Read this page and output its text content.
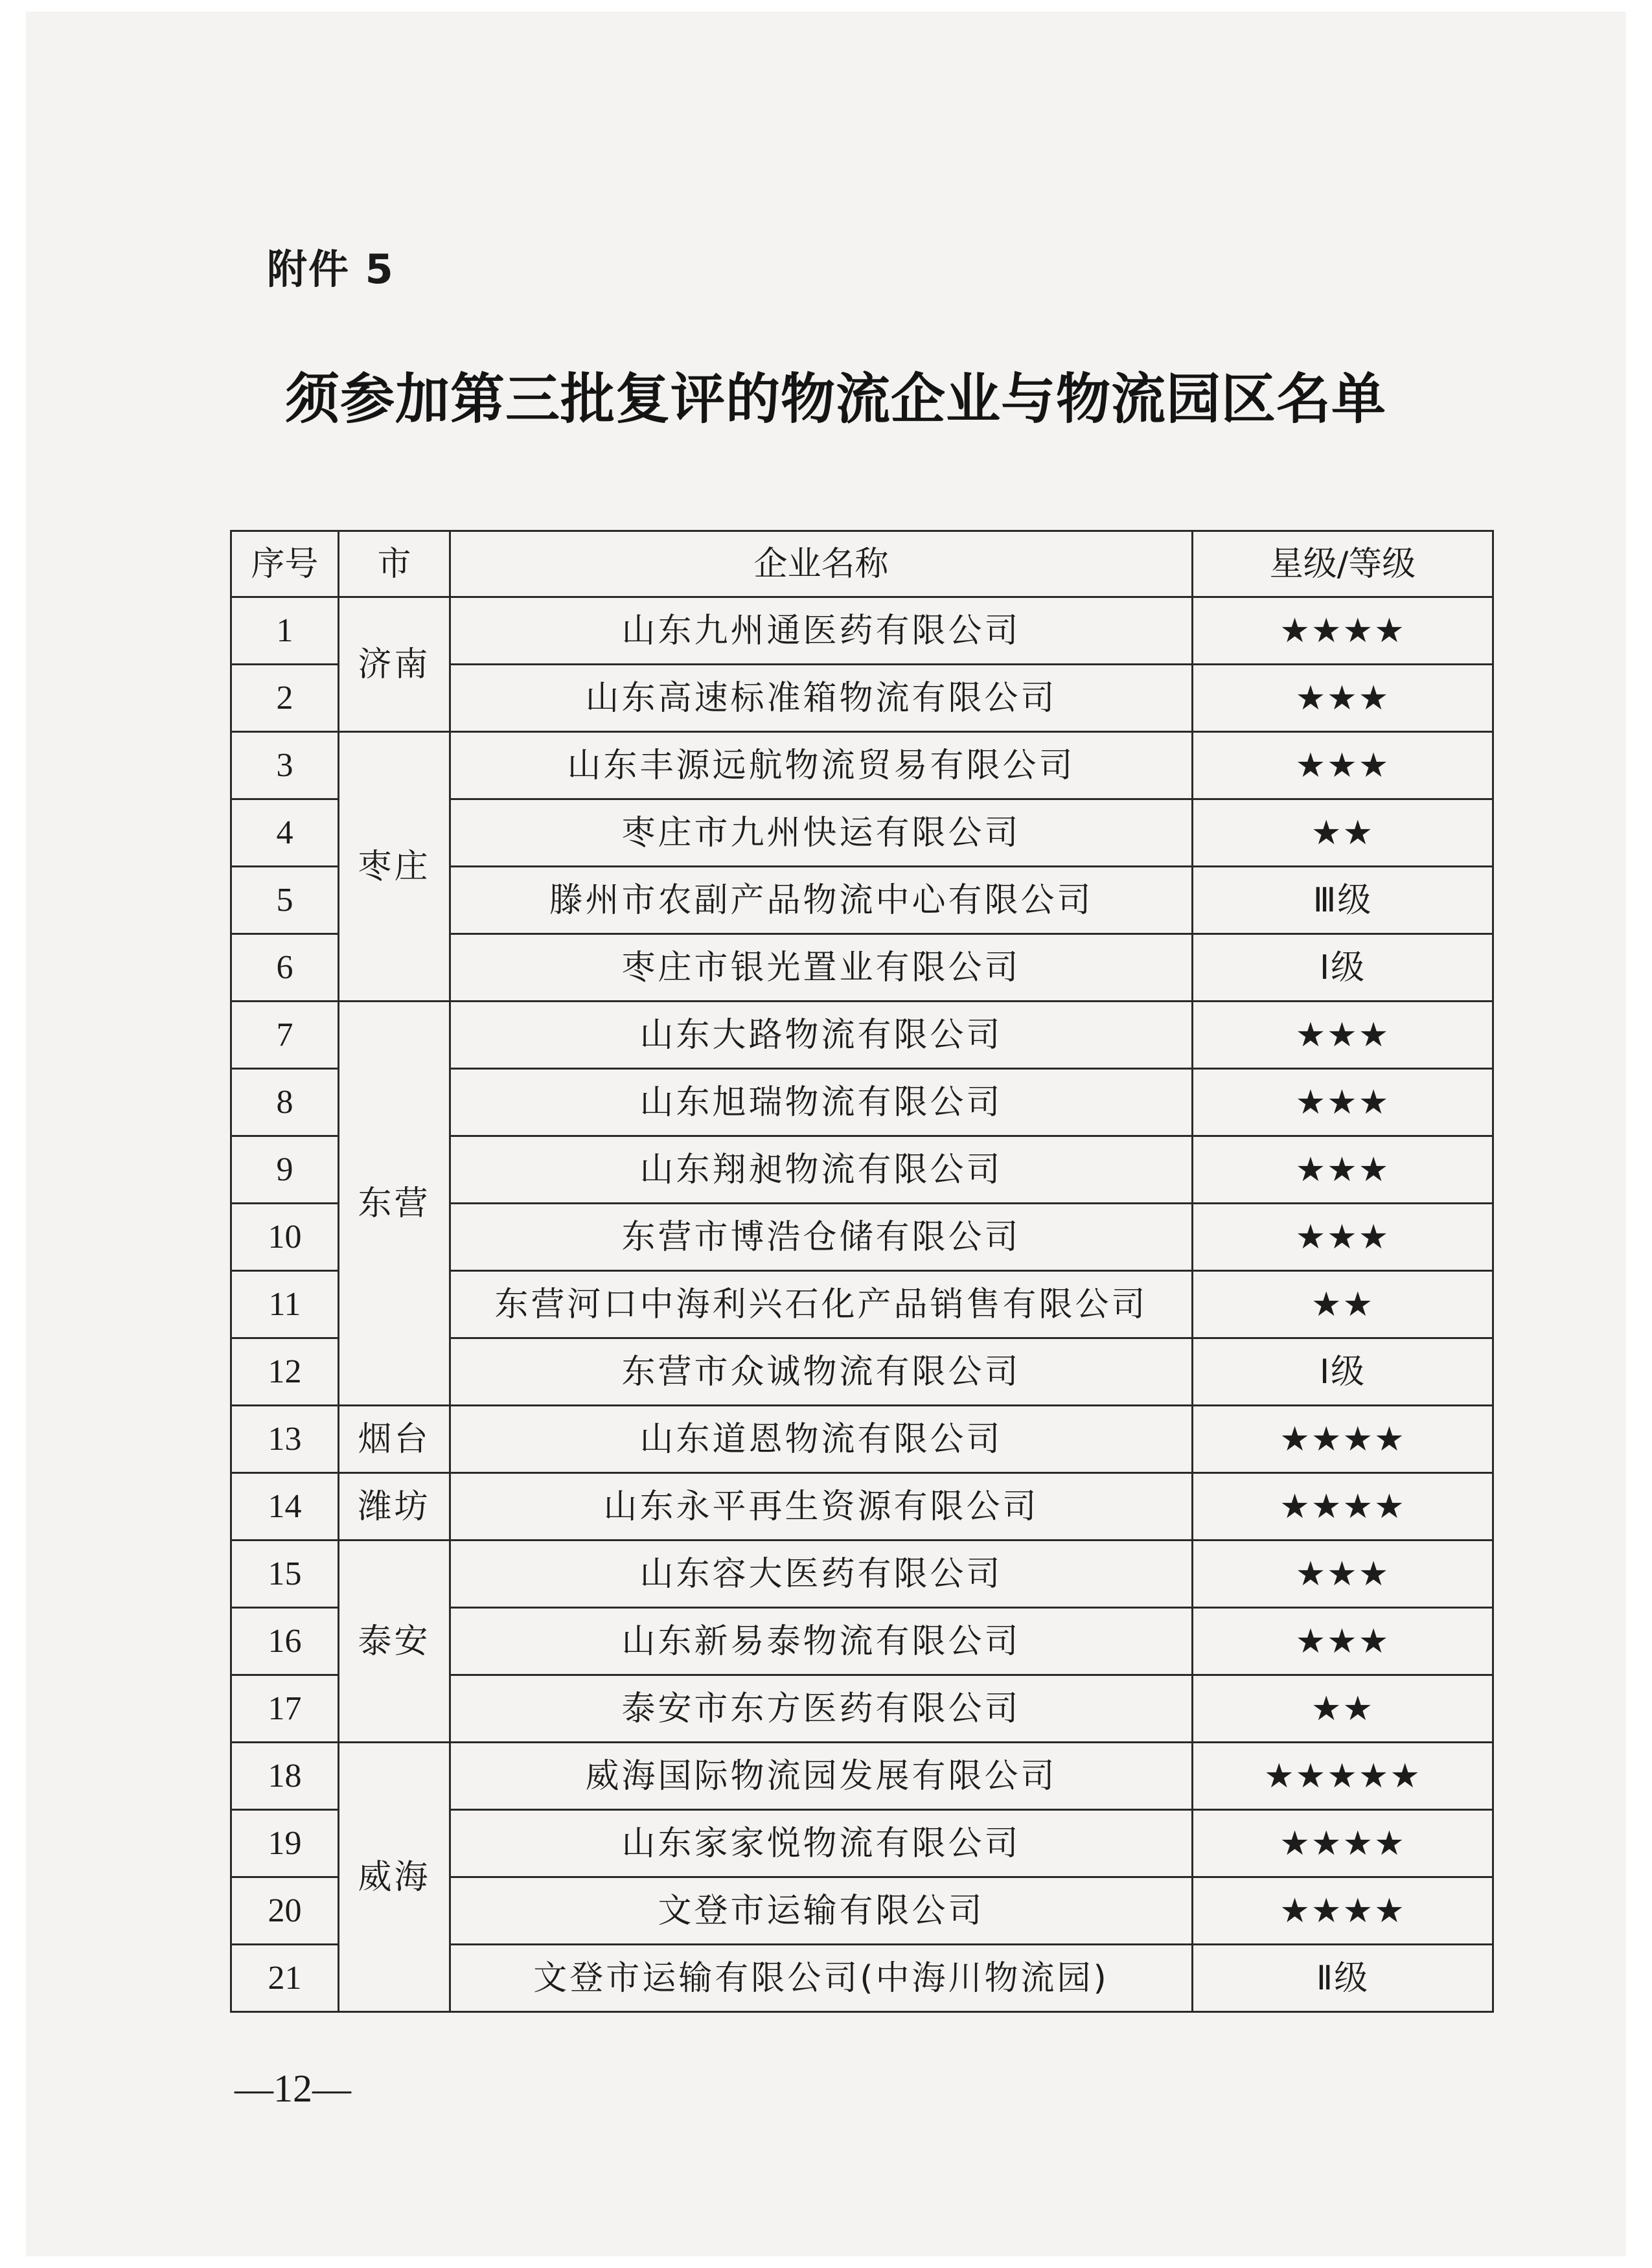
附件 5

须参加第三批复评的物流企业与物流园区名单
序号	市	企业名称	星级/等级
1	济南	山东九州通医药有限公司	★★★★
2		山东高速标准箱物流有限公司	★★★
3	枣庄	山东丰源远航物流贸易有限公司	★★★
4		枣庄市九州快运有限公司	★★
5		滕州市农副产品物流中心有限公司	Ⅲ级
6		枣庄市银光置业有限公司	Ⅰ级
7	东营	山东大路物流有限公司	★★★
8		山东旭瑞物流有限公司	★★★
9		山东翔昶物流有限公司	★★★
10		东营市博浩仓储有限公司	★★★
11		东营河口中海利兴石化产品销售有限公司	★★
12		东营市众诚物流有限公司	Ⅰ级
13	烟台	山东道恩物流有限公司	★★★★
14	潍坊	山东永平再生资源有限公司	★★★★
15	泰安	山东容大医药有限公司	★★★
16		山东新易泰物流有限公司	★★★
17		泰安市东方医药有限公司	★★
18	威海	威海国际物流园发展有限公司	★★★★★
19		山东家家悦物流有限公司	★★★★
20		文登市运输有限公司	★★★★
21		文登市运输有限公司(中海川物流园)	Ⅱ级

—12—
